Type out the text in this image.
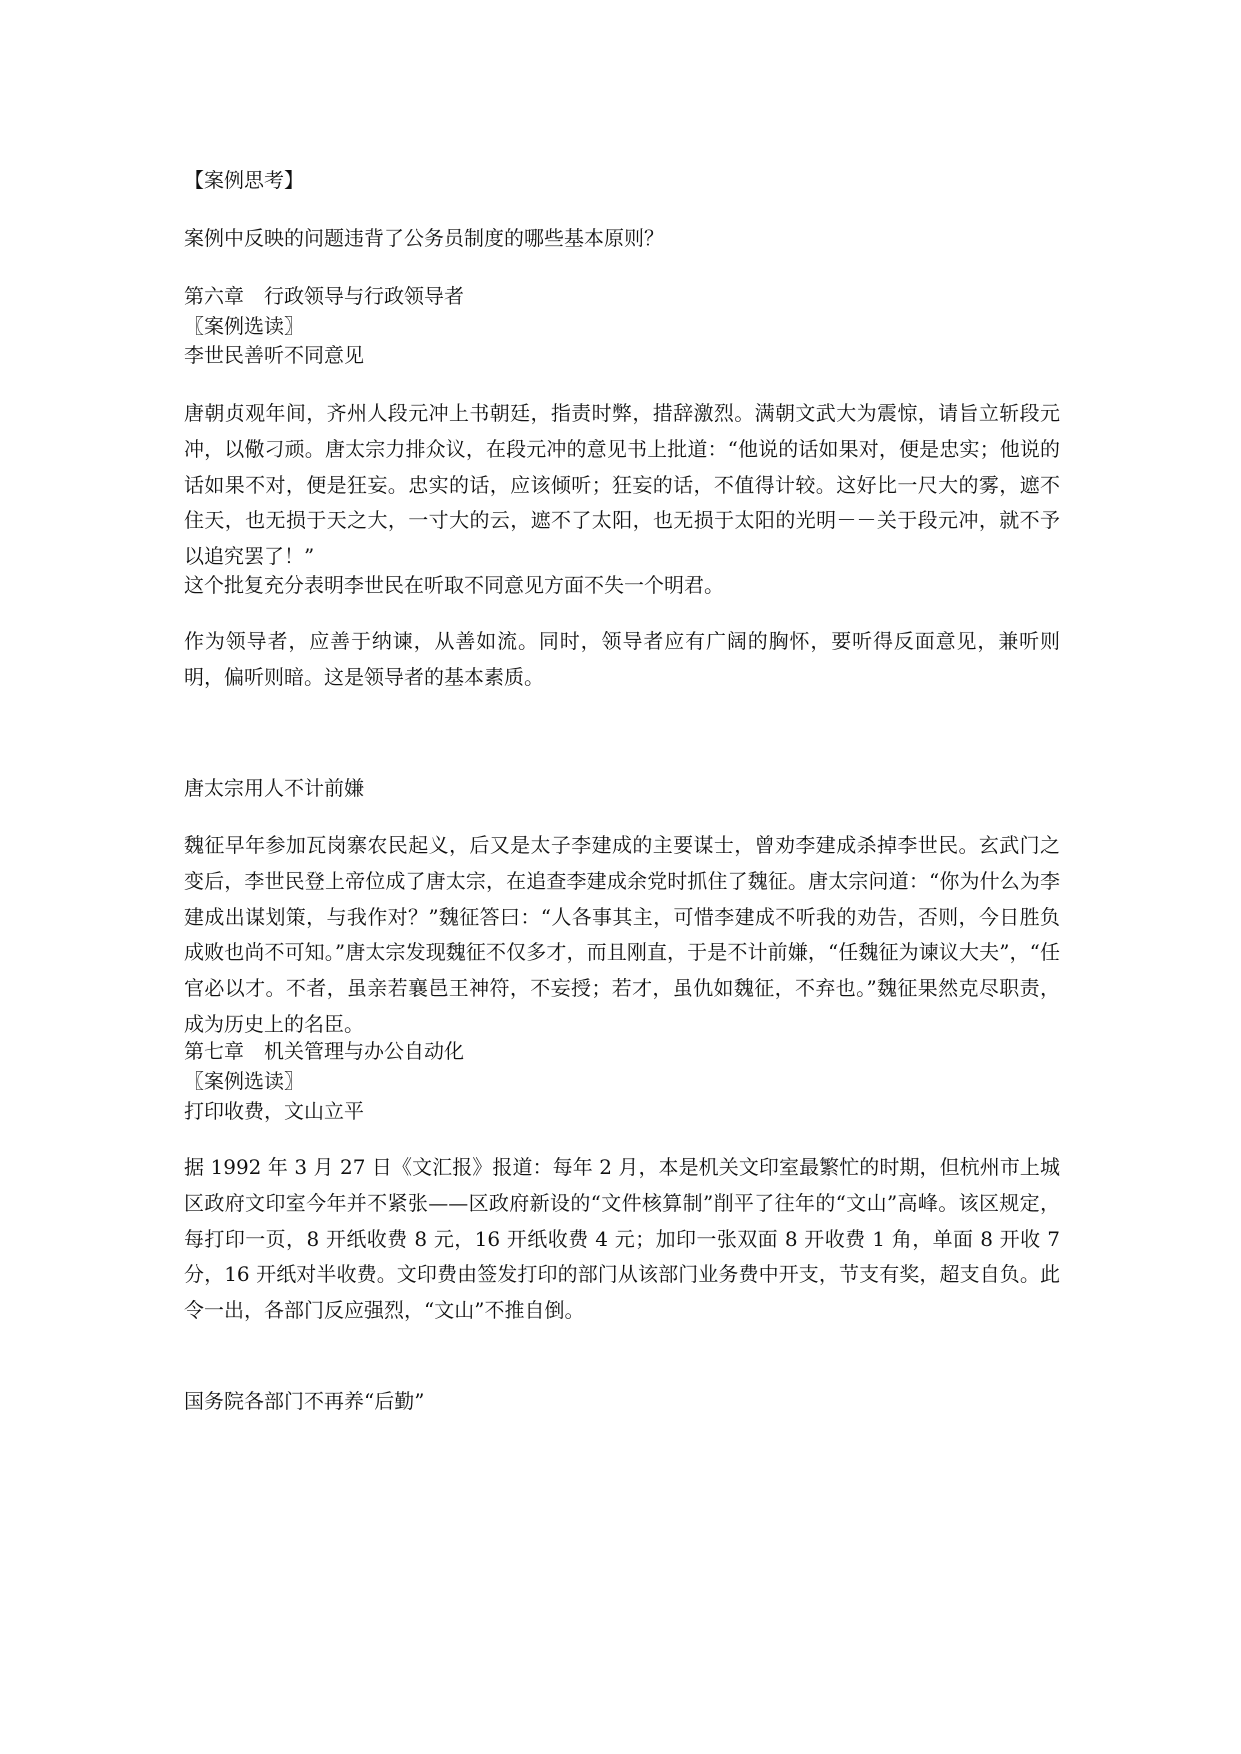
【案例思考】
案例中反映的问题违背了公务员制度的哪些基本原则？
第六章　行政领导与行政领导者
〖案例选读〗
李世民善听不同意见
唐朝贞观年间，齐州人段元冲上书朝廷，指责时弊，措辞激烈。满朝文武大为震惊，请旨立斩段元冲，以儆刁顽。唐太宗力排众议，在段元冲的意见书上批道：“他说的话如果对，便是忠实；他说的话如果不对，便是狂妄。忠实的话，应该倾听；狂妄的话，不值得计较。这好比一尺大的雾，遮不住天，也无损于天之大，一寸大的云，遮不了太阳，也无损于太阳的光明－－关于段元冲，就不予以追究罢了！”
这个批复充分表明李世民在听取不同意见方面不失一个明君。
作为领导者，应善于纳谏，从善如流。同时，领导者应有广阔的胸怀，要听得反面意见，兼听则明，偏听则暗。这是领导者的基本素质。
唐太宗用人不计前嫌
魏征早年参加瓦岗寨农民起义，后又是太子李建成的主要谋士，曾劝李建成杀掉李世民。玄武门之变后，李世民登上帝位成了唐太宗，在追查李建成余党时抓住了魏征。唐太宗问道：“你为什么为李建成出谋划策，与我作对？”魏征答曰：“人各事其主，可惜李建成不听我的劝告，否则，今日胜负成败也尚不可知。”唐太宗发现魏征不仅多才，而且刚直，于是不计前嫌，“任魏征为谏议大夫”，“任官必以才。不者，虽亲若襄邑王神符，不妄授；若才，虽仇如魏征，不弃也。”魏征果然克尽职责，成为历史上的名臣。
第七章　机关管理与办公自动化
〖案例选读〗
打印收费，文山立平
据 1992 年 3 月 27 日《文汇报》报道：每年 2 月，本是机关文印室最繁忙的时期，但杭州市上城区政府文印室今年并不紧张——区政府新设的“文件核算制”削平了往年的“文山”高峰。该区规定，每打印一页，8 开纸收费 8 元，16 开纸收费 4 元；加印一张双面 8 开收费 1 角，单面 8 开收 7 分，16 开纸对半收费。文印费由签发打印的部门从该部门业务费中开支，节支有奖，超支自负。此令一出，各部门反应强烈，“文山”不推自倒。
国务院各部门不再养“后勤”
